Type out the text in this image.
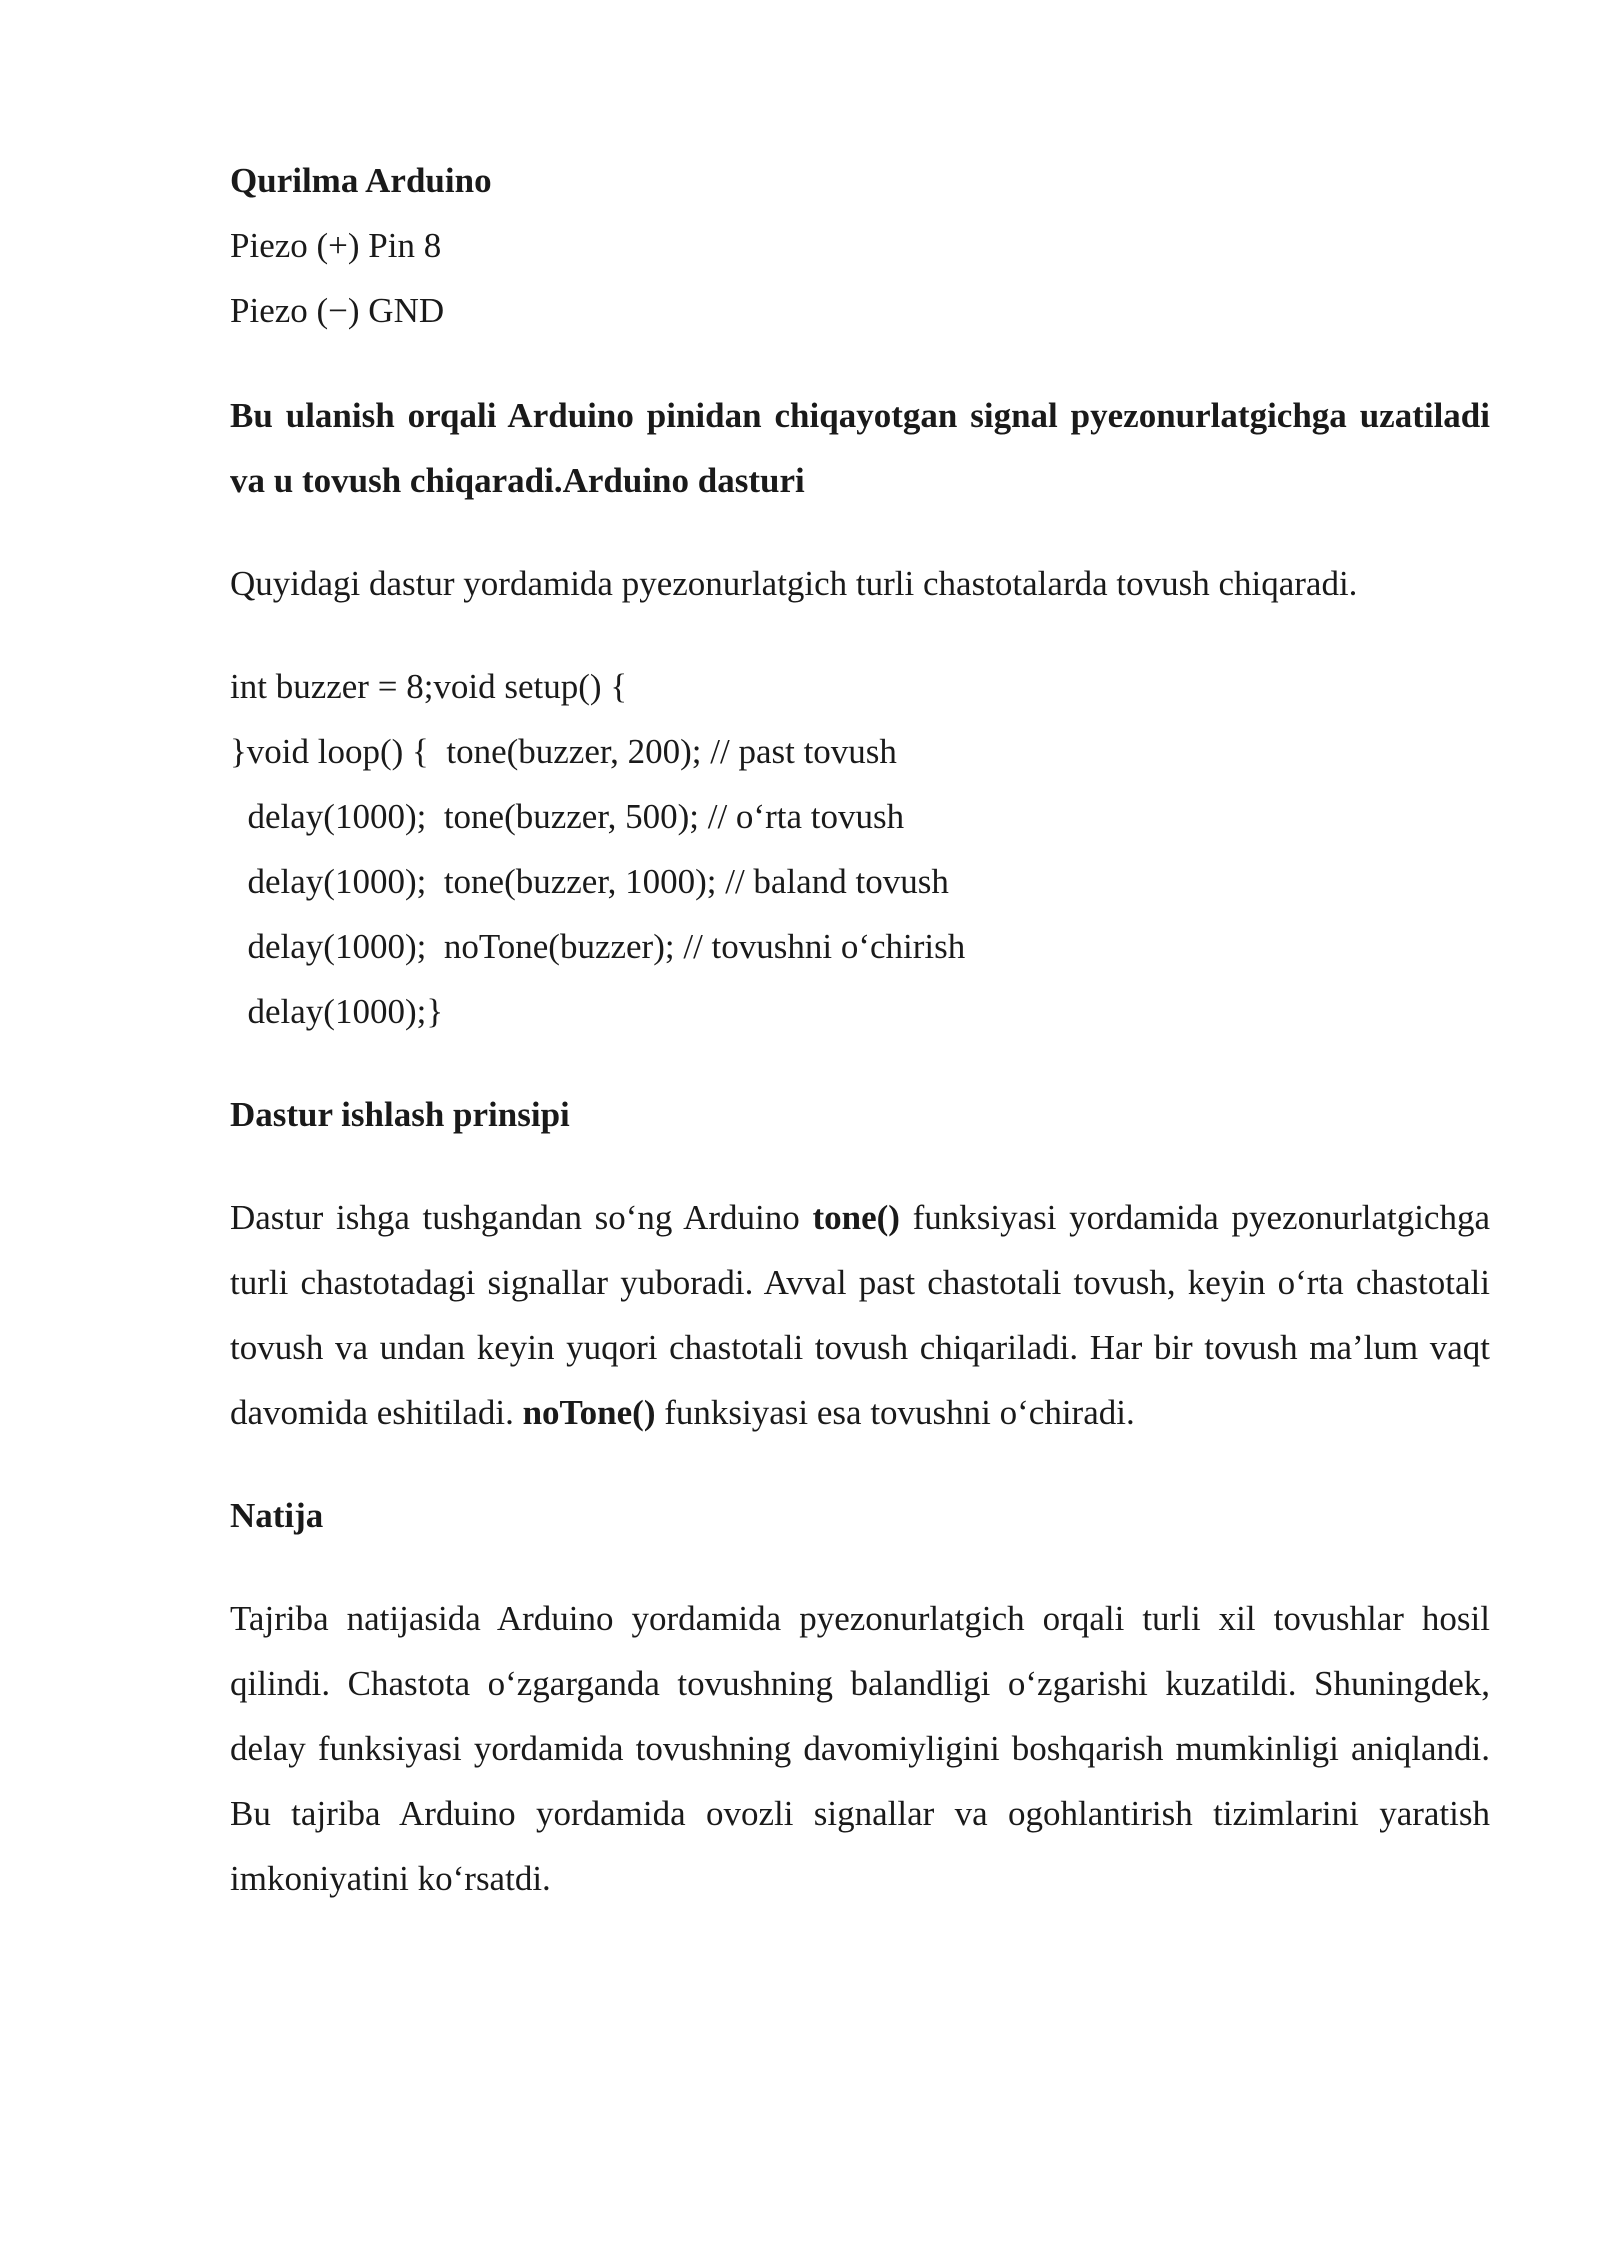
Qurilma Arduino
Piezo (+) Pin 8
Piezo (−) GND

Bu ulanish orqali Arduino pinidan chiqayotgan signal pyezonurlatgichga uzatiladi va u tovush chiqaradi.Arduino dasturi

Quyidagi dastur yordamida pyezonurlatgich turli chastotalarda tovush chiqaradi.

int buzzer = 8;void setup() {
}void loop() {  tone(buzzer, 200); // past tovush
delay(1000);  tone(buzzer, 500); // o‘rta tovush
delay(1000);  tone(buzzer, 1000); // baland tovush
delay(1000);  noTone(buzzer); // tovushni o‘chirish
delay(1000);}
Dastur ishlash prinsipi

Dastur ishga tushgandan so‘ng Arduino tone() funksiyasi yordamida pyezonurlatgichga turli chastotadagi signallar yuboradi. Avval past chastotali tovush, keyin o‘rta chastotali tovush va undan keyin yuqori chastotali tovush chiqariladi. Har bir tovush ma’lum vaqt davomida eshitiladi. noTone() funksiyasi esa tovushni o‘chiradi.

Natija

Tajriba natijasida Arduino yordamida pyezonurlatgich orqali turli xil tovushlar hosil qilindi. Chastota o‘zgarganda tovushning balandligi o‘zgarishi kuzatildi. Shuningdek, delay funksiyasi yordamida tovushning davomiyligini boshqarish mumkinligi aniqlandi. Bu tajriba Arduino yordamida ovozli signallar va ogohlantirish tizimlarini yaratish imkoniyatini ko‘rsatdi.
